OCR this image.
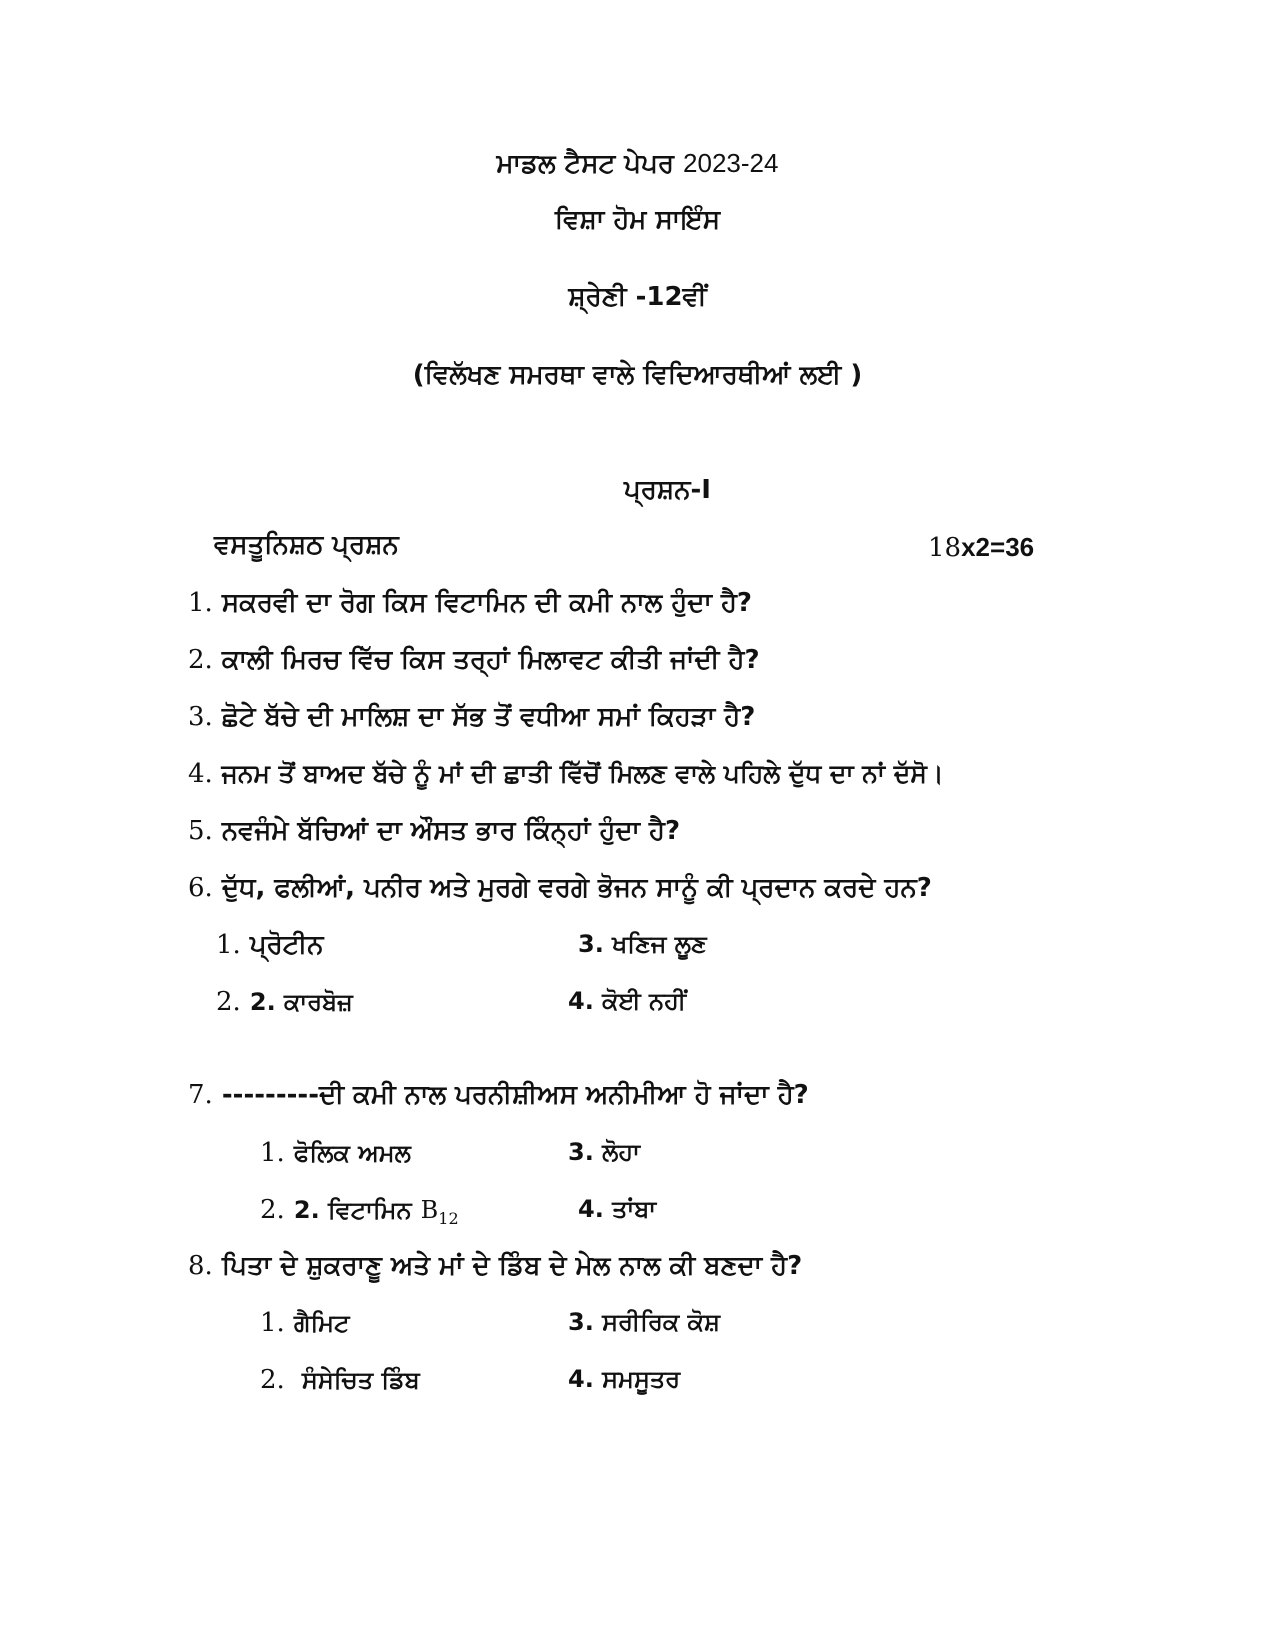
ਮਾਡਲ ਟੈਸਟ ਪੇਪਰ 2023-24
ਵਿਸ਼ਾ ਹੋਮ ਸਾਇੰਸ
ਸ਼੍ਰੇਣੀ -12ਵੀਂ
(ਵਿਲੱਖਣ ਸਮਰਥਾ ਵਾਲੇ ਵਿਦਿਆਰਥੀਆਂ ਲਈ )
ਪ੍ਰਸ਼ਨ-I
ਵਸਤੂਨਿਸ਼ਠ ਪ੍ਰਸ਼ਨ	18x2=36
1. ਸਕਰਵੀ ਦਾ ਰੋਗ ਕਿਸ ਵਿਟਾਮਿਨ ਦੀ ਕਮੀ ਨਾਲ ਹੁੰਦਾ ਹੈ?
2. ਕਾਲੀ ਮਿਰਚ ਵਿੱਚ ਕਿਸ ਤਰ੍ਹਾਂ ਮਿਲਾਵਟ ਕੀਤੀ ਜਾਂਦੀ ਹੈ?
3. ਛੋਟੇ ਬੱਚੇ ਦੀ ਮਾਲਿਸ਼ ਦਾ ਸੱਭ ਤੋਂ ਵਧੀਆ ਸਮਾਂ ਕਿਹੜਾ ਹੈ?
4. ਜਨਮ ਤੋਂ ਬਾਅਦ ਬੱਚੇ ਨੂੰ ਮਾਂ ਦੀ ਛਾਤੀ ਵਿੱਚੋਂ ਮਿਲਣ ਵਾਲੇ ਪਹਿਲੇ ਦੁੱਧ ਦਾ ਨਾਂ ਦੱਸੋ।
5. ਨਵਜੰਮੇ ਬੱਚਿਆਂ ਦਾ ਔਸਤ ਭਾਰ ਕਿੰਨ੍ਹਾਂ ਹੁੰਦਾ ਹੈ?
6. ਦੁੱਧ, ਫਲੀਆਂ, ਪਨੀਰ ਅਤੇ ਮੁਰਗੇ ਵਰਗੇ ਭੋਜਨ ਸਾਨੂੰ ਕੀ ਪ੍ਰਦਾਨ ਕਰਦੇ ਹਨ?
1. ਪ੍ਰੋਟੀਨ	3. ਖਣਿਜ ਲੂਣ
2. 2. ਕਾਰਬੋਜ਼	4. ਕੋਈ ਨਹੀਂ
7. ---------ਦੀ ਕਮੀ ਨਾਲ ਪਰਨੀਸ਼ੀਅਸ ਅਨੀਮੀਆ ਹੋ ਜਾਂਦਾ ਹੈ?
1. ਫੋਲਿਕ ਅਮਲ	3. ਲੋਹਾ
2. 2. ਵਿਟਾਮਿਨ $B_{12}$	4. ਤਾਂਬਾ
8. ਪਿਤਾ ਦੇ ਸ਼ੁਕਰਾਣੂ ਅਤੇ ਮਾਂ ਦੇ ਡਿੰਬ ਦੇ ਮੇਲ ਨਾਲ ਕੀ ਬਣਦਾ ਹੈ?
1. ਗੈਮਿਟ	3. ਸਰੀਰਿਕ ਕੋਸ਼
2. ਸੰਸੇਚਿਤ ਡਿੰਬ	4. ਸਮਸੂਤਰ
